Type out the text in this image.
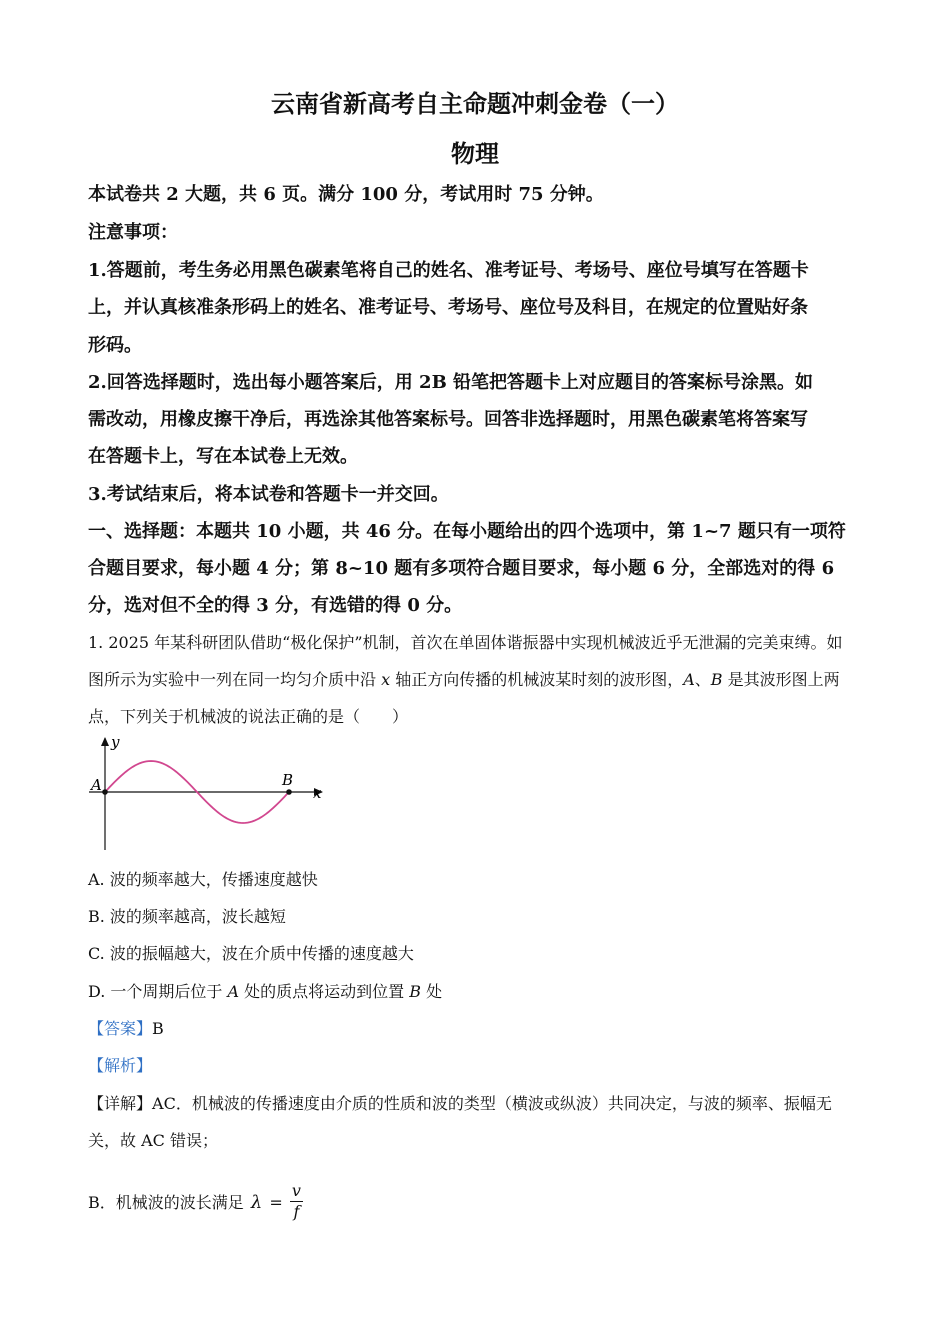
云南省新高考自主命题冲刺金卷（一）
物理
本试卷共 2 大题，共 6 页。满分 100 分，考试用时 75 分钟。
注意事项：
1.答题前，考生务必用黑色碳素笔将自己的姓名、准考证号、考场号、座位号填写在答题卡
上，并认真核准条形码上的姓名、准考证号、考场号、座位号及科目，在规定的位置贴好条
形码。
2.回答选择题时，选出每小题答案后，用 2B 铅笔把答题卡上对应题目的答案标号涂黑。如
需改动，用橡皮擦干净后，再选涂其他答案标号。回答非选择题时，用黑色碳素笔将答案写
在答题卡上，写在本试卷上无效。
3.考试结束后，将本试卷和答题卡一并交回。
一、选择题：本题共 10 小题，共 46 分。在每小题给出的四个选项中，第 1~7 题只有一项符
合题目要求，每小题 4 分；第 8~10 题有多项符合题目要求，每小题 6 分，全部选对的得 6
分，选对但不全的得 3 分，有选错的得 0 分。
1. 2025 年某科研团队借助“极化保护”机制，首次在单固体谐振器中实现机械波近乎无泄漏的完美束缚。如
图所示为实验中一列在同一均匀介质中沿 x 轴正方向传播的机械波某时刻的波形图，A、B 是其波形图上两
点，下列关于机械波的说法正确的是（　　）
y
x
A	B
A. 波的频率越大，传播速度越快
B. 波的频率越高，波长越短
C. 波的振幅越大，波在介质中传播的速度越大
D. 一个周期后位于 A 处的质点将运动到位置 B 处
【答案】B
【解析】
【详解】AC．机械波的传播速度由介质的性质和波的类型（横波或纵波）共同决定，与波的频率、振幅无
关，故 AC 错误；
B．机械波的波长满足 $\lambda = \frac{v}{f}$
